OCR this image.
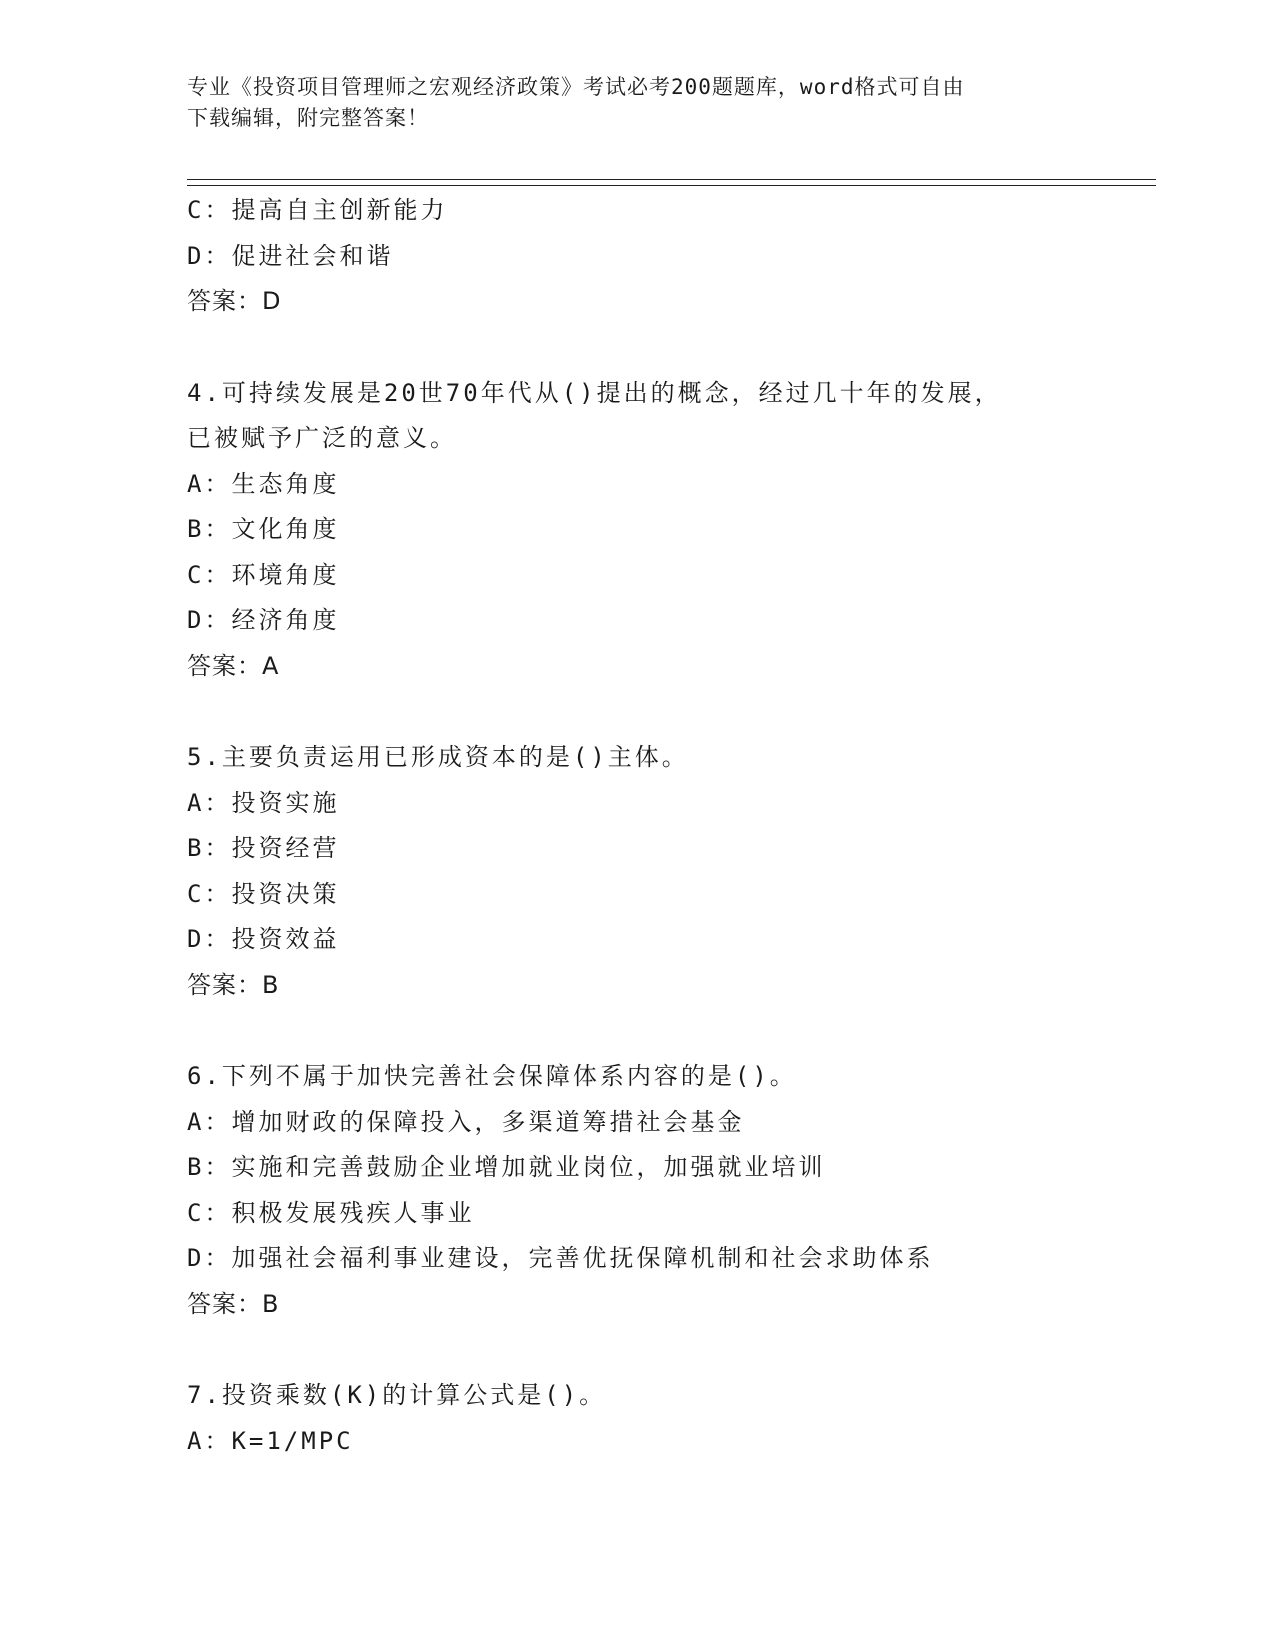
专业《投资项目管理师之宏观经济政策》考试必考200题题库，word格式可自由
下载编辑，附完整答案！
C：提高自主创新能力
D：促进社会和谐
答案：D
4.可持续发展是20世70年代从()提出的概念，经过几十年的发展，
已被赋予广泛的意义。
A：生态角度
B：文化角度
C：环境角度
D：经济角度
答案：A
5.主要负责运用已形成资本的是()主体。
A：投资实施
B：投资经营
C：投资决策
D：投资效益
答案：B
6.下列不属于加快完善社会保障体系内容的是()。
A：增加财政的保障投入，多渠道筹措社会基金
B：实施和完善鼓励企业增加就业岗位，加强就业培训
C：积极发展残疾人事业
D：加强社会福利事业建设，完善优抚保障机制和社会求助体系
答案：B
7.投资乘数(K)的计算公式是()。
A：K=1/MPC
